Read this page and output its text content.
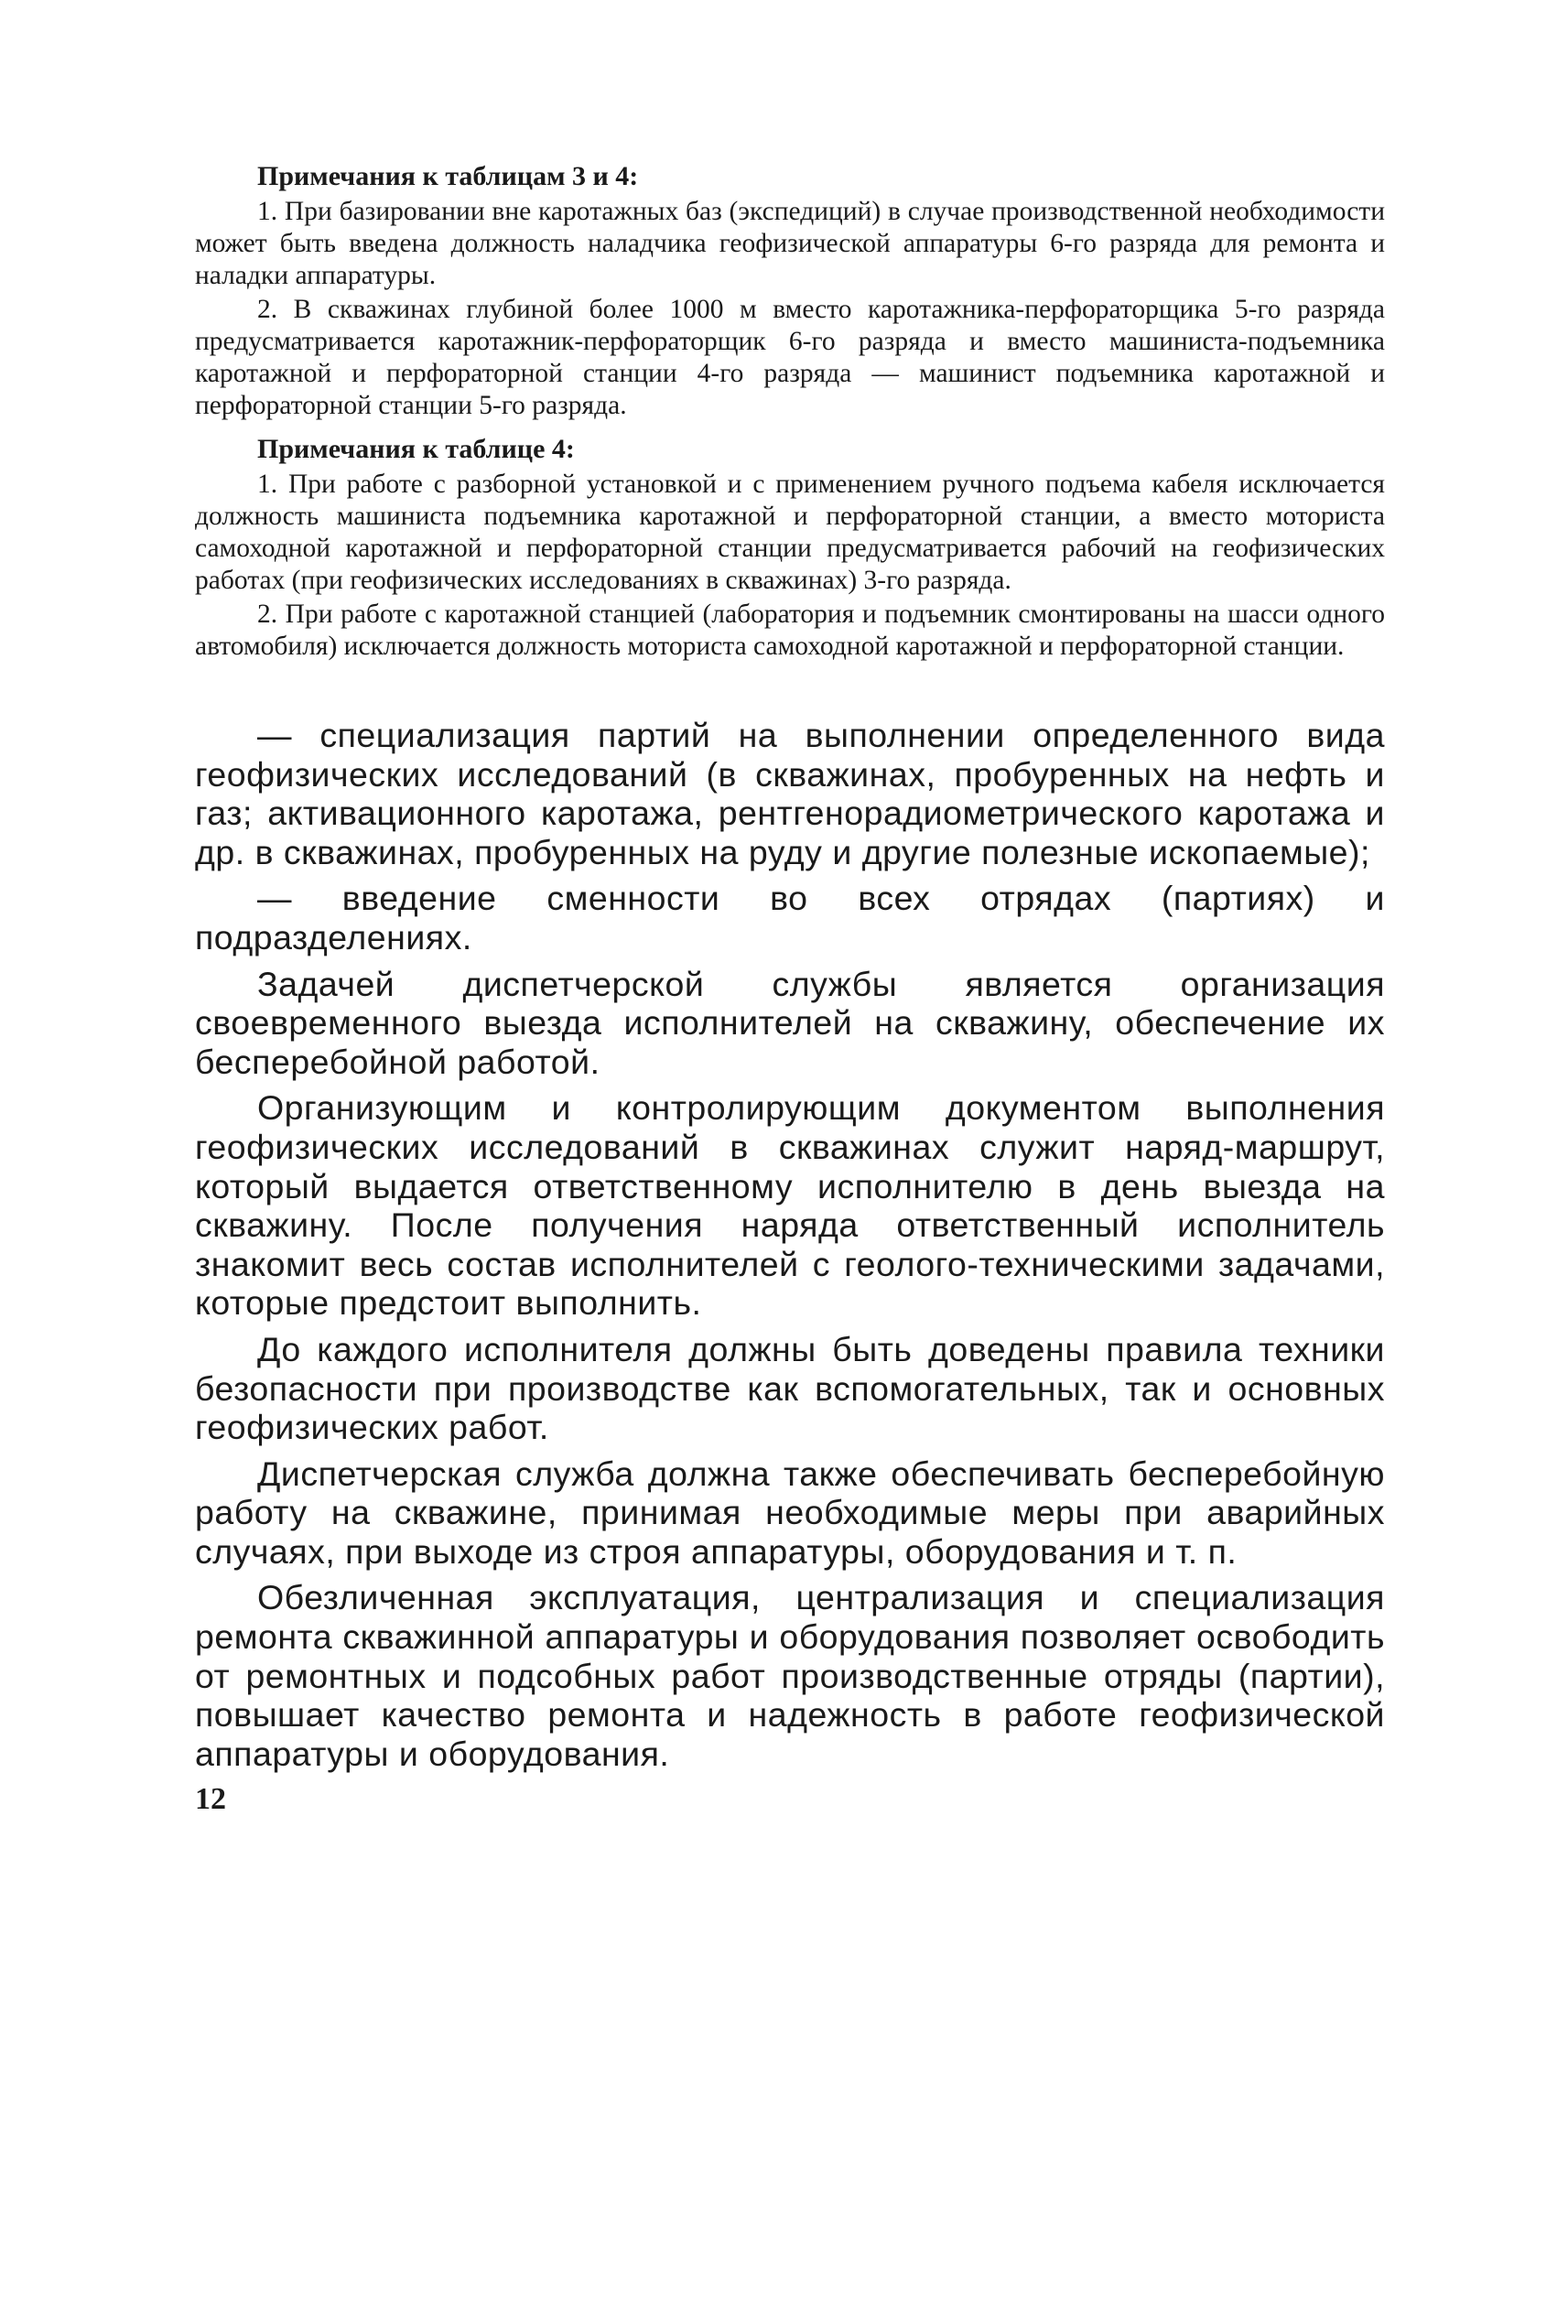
Примечания к таблицам 3 и 4:

1. При базировании вне каротажных баз (экспедиций) в случае производственной необходимости может быть введена должность наладчика геофизической аппаратуры 6-го разряда для ремонта и наладки аппаратуры.

2. В скважинах глубиной более 1000 м вместо каротажника-перфораторщика 5-го разряда предусматривается каротажник-перфораторщик 6-го разряда и вместо машиниста-подъемника каротажной и перфораторной станции 4-го разряда — машинист подъемника каротажной и перфораторной станции 5-го разряда.

Примечания к таблице 4:

1. При работе с разборной установкой и с применением ручного подъема кабеля исключается должность машиниста подъемника каротажной и перфораторной станции, а вместо моториста самоходной каротажной и перфораторной станции предусматривается рабочий на геофизических работах (при геофизических исследованиях в скважинах) 3-го разряда.

2. При работе с каротажной станцией (лаборатория и подъемник смонтированы на шасси одного автомобиля) исключается должность моториста самоходной каротажной и перфораторной станции.

— специализация партий на выполнении определенного вида геофизических исследований (в скважинах, пробуренных на нефть и газ; активационного каротажа, рентгенорадиометрического каротажа и др. в скважинах, пробуренных на руду и другие полезные ископаемые);

— введение сменности во всех отрядах (партиях) и подразделениях.

Задачей диспетчерской службы является организация своевременного выезда исполнителей на скважину, обеспечение их бесперебойной работой.

Организующим и контролирующим документом выполнения геофизических исследований в скважинах служит наряд-маршрут, который выдается ответственному исполнителю в день выезда на скважину. После получения наряда ответственный исполнитель знакомит весь состав исполнителей с геолого-техническими задачами, которые предстоит выполнить.

До каждого исполнителя должны быть доведены правила техники безопасности при производстве как вспомогательных, так и основных геофизических работ.

Диспетчерская служба должна также обеспечивать бесперебойную работу на скважине, принимая необходимые меры при аварийных случаях, при выходе из строя аппаратуры, оборудования и т. п.

Обезличенная эксплуатация, централизация и специализация ремонта скважинной аппаратуры и оборудования позволяет освободить от ремонтных и подсобных работ производственные отряды (партии), повышает качество ремонта и надежность в работе геофизической аппаратуры и оборудования.

12
